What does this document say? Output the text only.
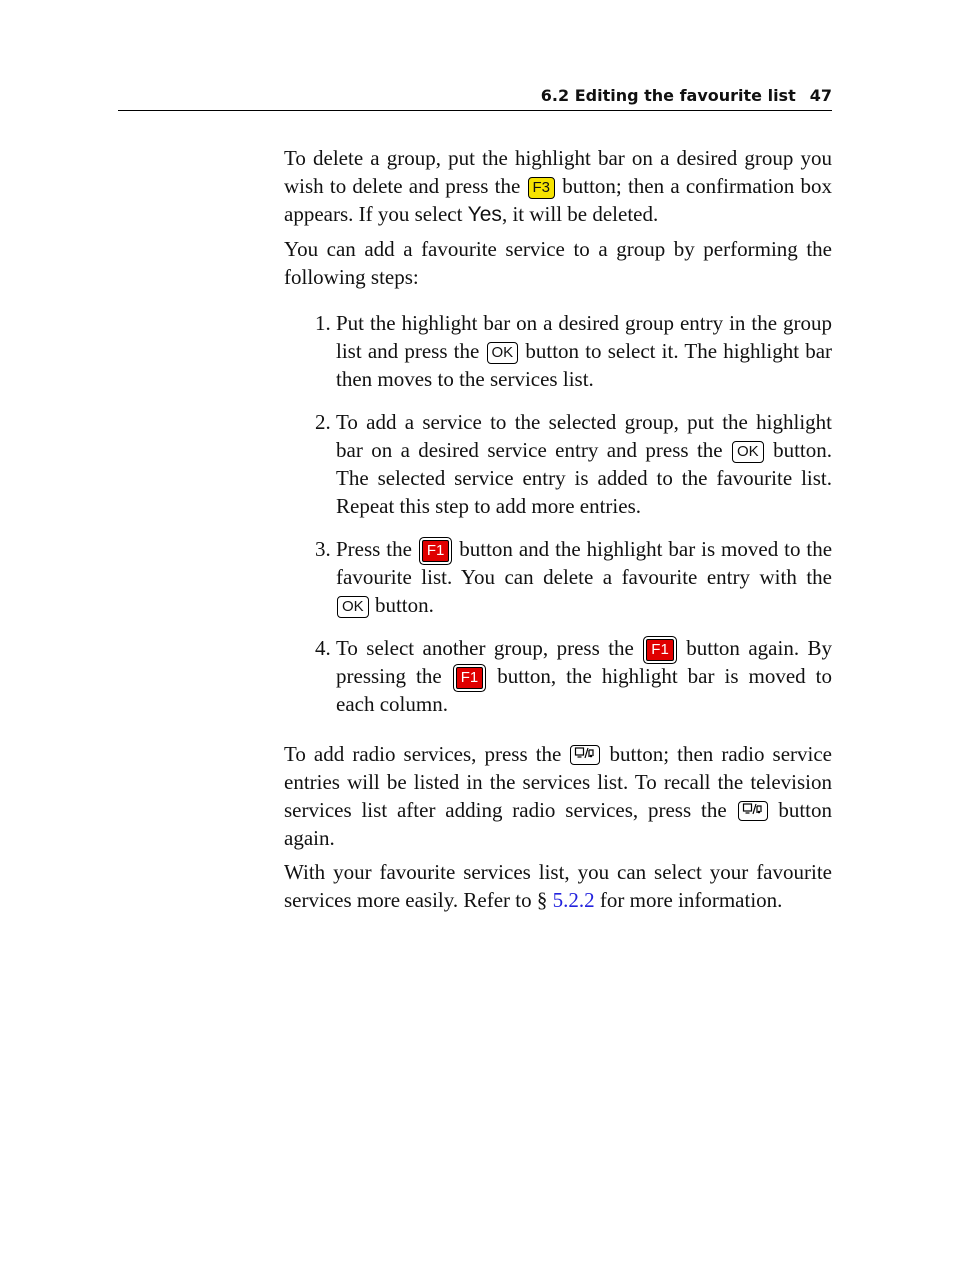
6.2 Editing the favourite list 47

To delete a group, put the highlight bar on a desired group you wish to delete and press the F3 button; then a confirmation box appears. If you select Yes, it will be deleted.

You can add a favourite service to a group by performing the following steps:

1. Put the highlight bar on a desired group entry in the group list and press the OK button to select it. The highlight bar then moves to the services list.
2. To add a service to the selected group, put the highlight bar on a desired service entry and press the OK button. The selected service entry is added to the favourite list. Repeat this step to add more entries.
3. Press the F1 button and the highlight bar is moved to the favourite list. You can delete a favourite entry with the OK button.
4. To select another group, press the F1 button again. By pressing the F1 button, the highlight bar is moved to each column.

To add radio services, press the button; then radio service entries will be listed in the services list. To recall the television services list after adding radio services, press the button again.

With your favourite services list, you can select your favourite services more easily. Refer to § 5.2.2 for more information.
